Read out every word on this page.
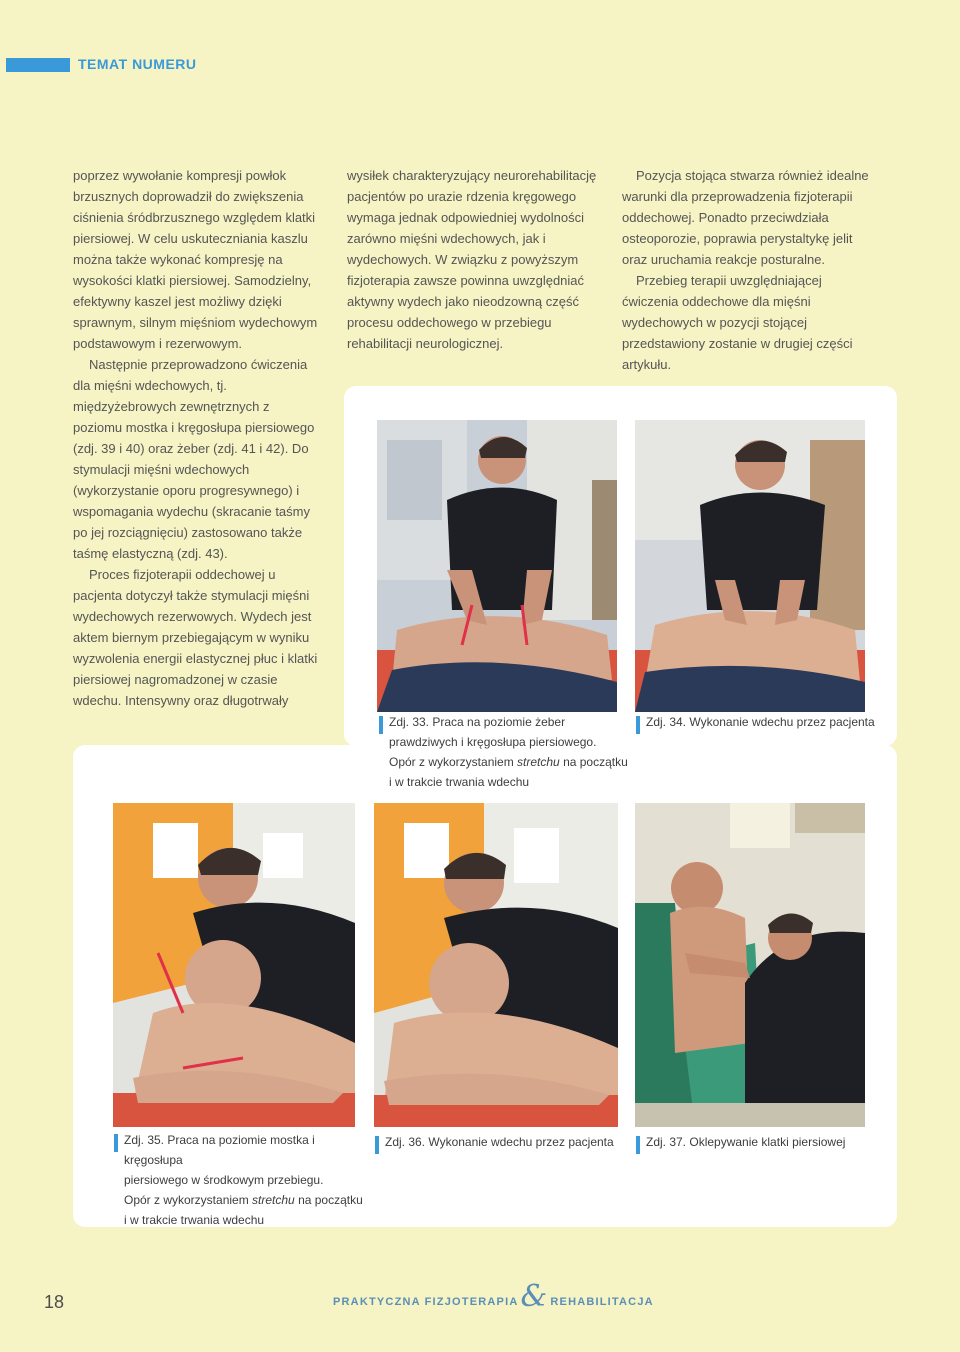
TEMAT NUMERU

poprzez wywołanie kompresji powłok brzusznych doprowadził do zwiększenia ciśnienia śródbrzusznego względem klatki piersiowej. W celu uskuteczniania kaszlu można także wykonać kompresję na wysokości klatki piersiowej. Samodzielny, efektywny kaszel jest możliwy dzięki sprawnym, silnym mięśniom wydechowym podstawowym i rezerwowym.

Następnie przeprowadzono ćwiczenia dla mięśni wdechowych, tj. międzyżebrowych zewnętrznych z poziomu mostka i kręgosłupa piersiowego (zdj. 39 i 40) oraz żeber (zdj. 41 i 42). Do stymulacji mięśni wdechowych (wykorzystanie oporu progresywnego) i wspomagania wydechu (skracanie taśmy po jej rozciągnięciu) zastosowano także taśmę elastyczną (zdj. 43).

Proces fizjoterapii oddechowej u pacjenta dotyczył także stymulacji mięśni wydechowych rezerwowych. Wydech jest aktem biernym przebiegającym w wyniku wyzwolenia energii elastycznej płuc i klatki piersiowej nagromadzonej w czasie wdechu. Intensywny oraz długotrwały

wysiłek charakteryzujący neurorehabilitację pacjentów po urazie rdzenia kręgowego wymaga jednak odpowiedniej wydolności zarówno mięśni wdechowych, jak i wydechowych. W związku z powyższym fizjoterapia zawsze powinna uwzględniać aktywny wydech jako nieodzowną część procesu oddechowego w przebiegu rehabilitacji neurologicznej.

Pozycja stojąca stwarza również idealne warunki dla przeprowadzenia fizjoterapii oddechowej. Ponadto przeciwdziała osteoporozie, poprawia perystaltykę jelit oraz uruchamia reakcje posturalne.

Przebieg terapii uwzględniającej ćwiczenia oddechowe dla mięśni wydechowych w pozycji stojącej przedstawiony zostanie w drugiej części artykułu.

Zdj. 33. Praca na poziomie żeber
prawdziwych i kręgosłupa piersiowego.
Opór z wykorzystaniem stretchu na początku
i w trakcie trwania wdechu
Zdj. 34. Wykonanie wdechu przez pacjenta
Zdj. 35. Praca na poziomie mostka i kręgosłupa
piersiowego w środkowym przebiegu.
Opór z wykorzystaniem stretchu na początku
i w trakcie trwania wdechu
Zdj. 36. Wykonanie wdechu przez pacjenta	Zdj. 37. Oklepywanie klatki piersiowej
18	PRAKTYCZNA FIZJOTERAPIA & REHABILITACJA
